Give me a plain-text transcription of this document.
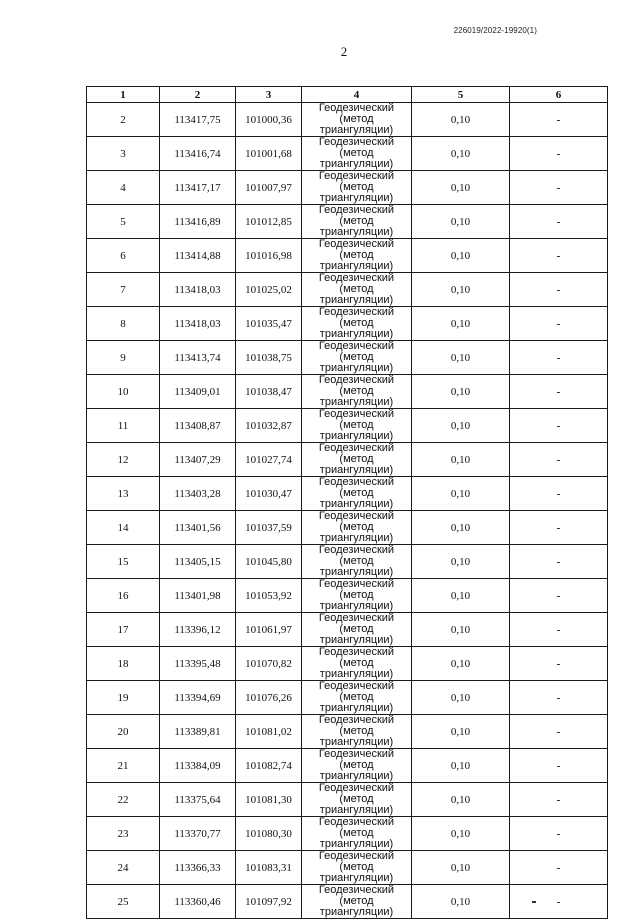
226019/2022-19920(1)
2
1	2	3	4	5	6
2	113417,75	101000,36	Геодезический
(метод триангуляции)	0,10	-
3	113416,74	101001,68	Геодезический
(метод триангуляции)	0,10	-
4	113417,17	101007,97	Геодезический
(метод триангуляции)	0,10	-
5	113416,89	101012,85	Геодезический
(метод триангуляции)	0,10	-
6	113414,88	101016,98	Геодезический
(метод триангуляции)	0,10	-
7	113418,03	101025,02	Геодезический
(метод триангуляции)	0,10	-
8	113418,03	101035,47	Геодезический
(метод триангуляции)	0,10	-
9	113413,74	101038,75	Геодезический
(метод триангуляции)	0,10	-
10	113409,01	101038,47	Геодезический
(метод триангуляции)	0,10	-
11	113408,87	101032,87	Геодезический
(метод триангуляции)	0,10	-
12	113407,29	101027,74	Геодезический
(метод триангуляции)	0,10	-
13	113403,28	101030,47	Геодезический
(метод триангуляции)	0,10	-
14	113401,56	101037,59	Геодезический
(метод триангуляции)	0,10	-
15	113405,15	101045,80	Геодезический
(метод триангуляции)	0,10	-
16	113401,98	101053,92	Геодезический
(метод триангуляции)	0,10	-
17	113396,12	101061,97	Геодезический
(метод триангуляции)	0,10	-
18	113395,48	101070,82	Геодезический
(метод триангуляции)	0,10	-
19	113394,69	101076,26	Геодезический
(метод триангуляции)	0,10	-
20	113389,81	101081,02	Геодезический
(метод триангуляции)	0,10	-
21	113384,09	101082,74	Геодезический
(метод триангуляции)	0,10	-
22	113375,64	101081,30	Геодезический
(метод триангуляции)	0,10	-
23	113370,77	101080,30	Геодезический
(метод триангуляции)	0,10	-
24	113366,33	101083,31	Геодезический
(метод триангуляции)	0,10	-
25	113360,46	101097,92	Геодезический
(метод триангуляции)	0,10	-
